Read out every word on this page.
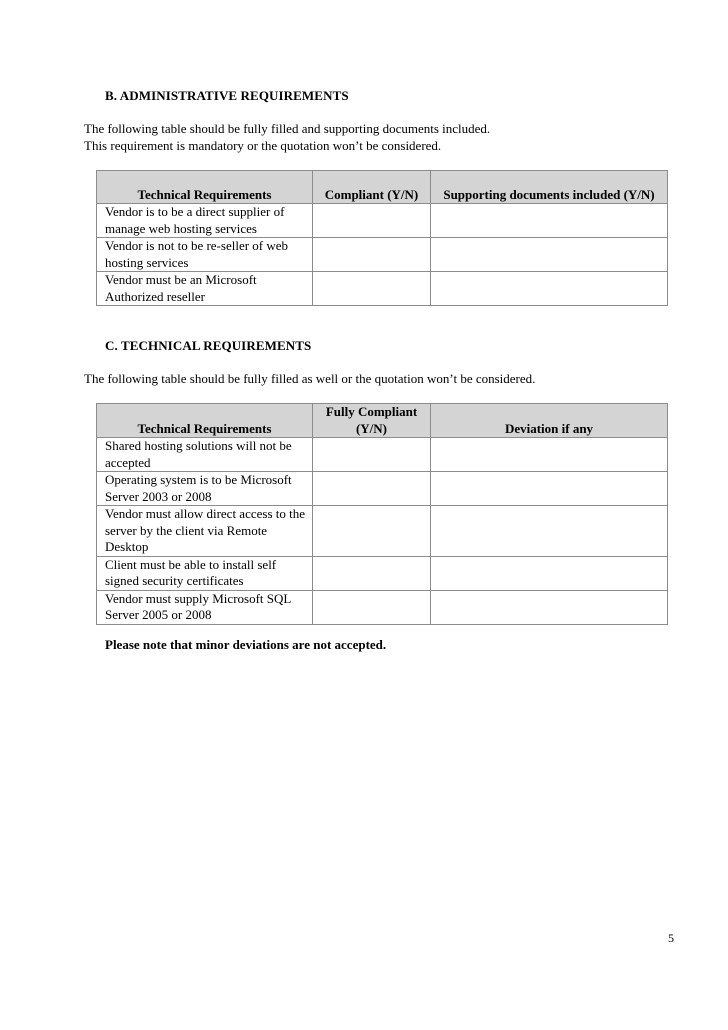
B. ADMINISTRATIVE REQUIREMENTS
The following table should be fully filled and supporting documents included.
This requirement is mandatory or the quotation won’t be considered.
Technical Requirements	Compliant (Y/N)	Supporting documents included (Y/N)
Vendor is to be a direct supplier of manage web hosting services		
Vendor is not to be re-seller of web hosting services		
Vendor must be an Microsoft Authorized reseller		
C. TECHNICAL REQUIREMENTS
The following table should be fully filled as well or the quotation won’t be considered.
Technical Requirements	Fully Compliant (Y/N)	Deviation if any
Shared hosting solutions will not be accepted		
Operating system is to be Microsoft Server 2003 or 2008		
Vendor must allow direct access to the server by the client via Remote Desktop		
Client must be able to install self signed security certificates		
Vendor must supply Microsoft SQL Server 2005 or 2008		
Please note that minor deviations are not accepted.
5
